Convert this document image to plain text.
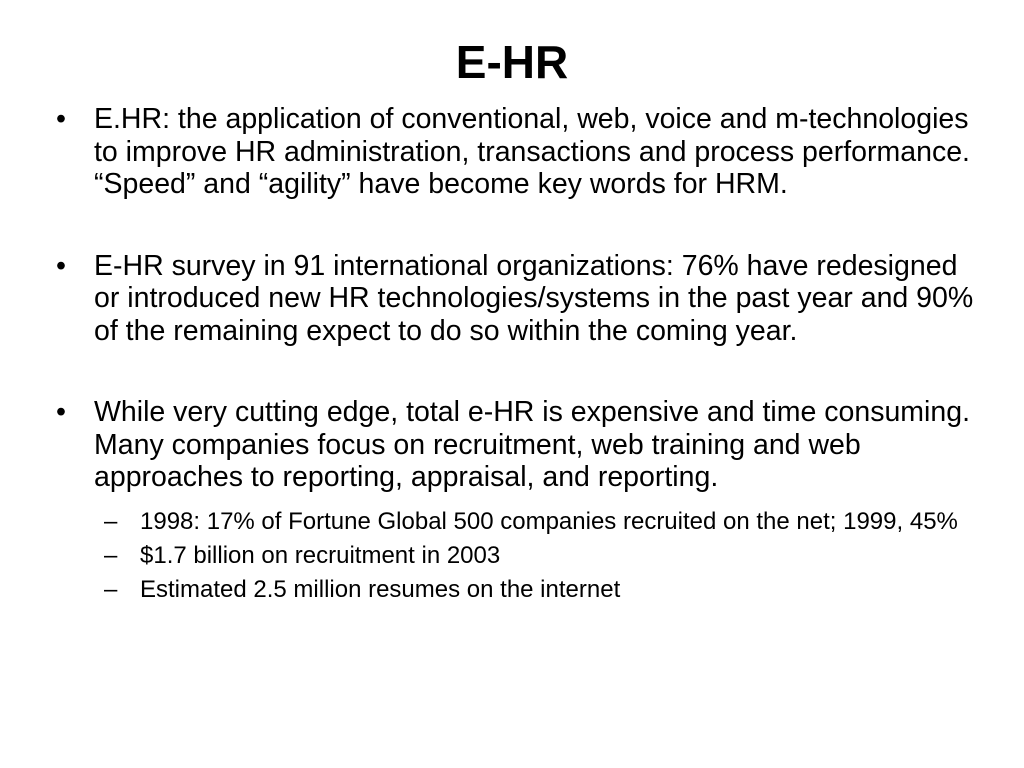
E-HR

• E.HR: the application of conventional, web, voice and m-technologies to improve HR administration, transactions and process performance. “Speed” and “agility” have become key words for HRM.

• E-HR survey in 91 international organizations: 76% have redesigned or introduced new HR technologies/systems in the past year and 90% of the remaining expect to do so within the coming year.

• While very cutting edge, total e-HR is expensive and time consuming. Many companies focus on recruitment, web training and web approaches to reporting, appraisal, and reporting.

– 1998: 17% of Fortune Global 500 companies recruited on the net; 1999, 45%

– $1.7 billion on recruitment in 2003

– Estimated 2.5 million resumes on the internet
